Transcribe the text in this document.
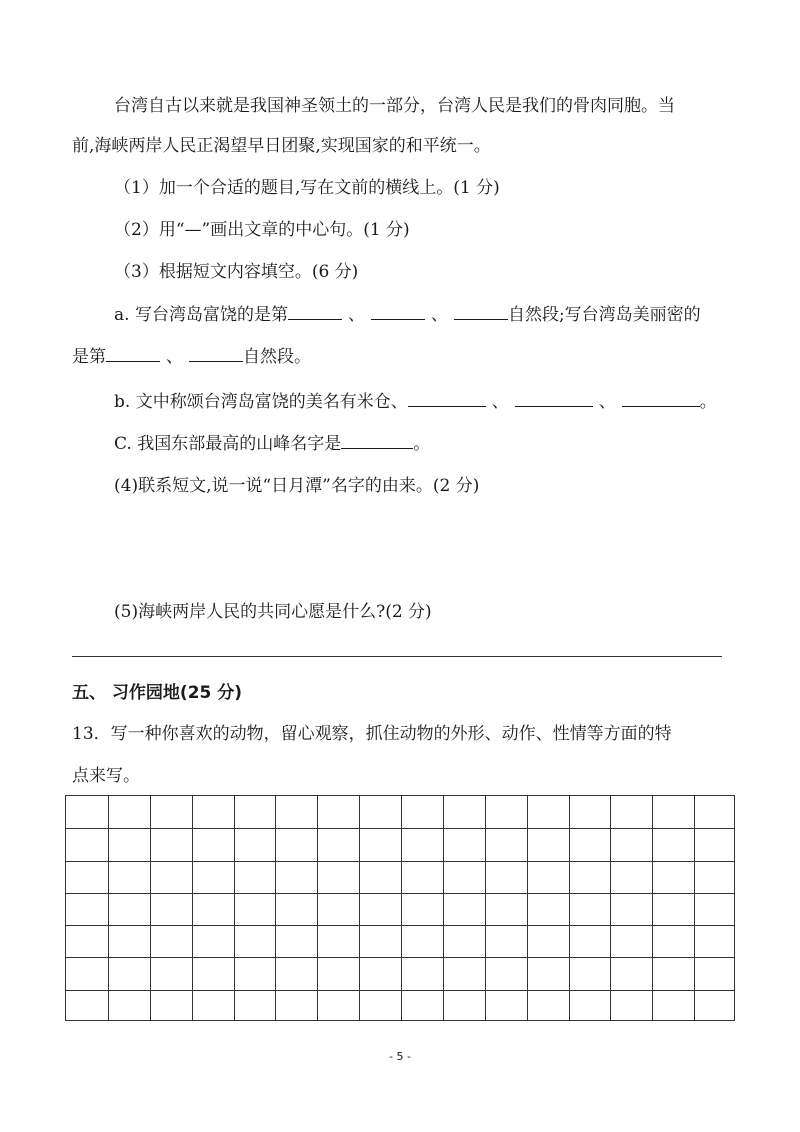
台湾自古以来就是我国神圣领土的一部分，台湾人民是我们的骨肉同胞。当
前,海峡两岸人民正渴望早日团聚,实现国家的和平统一。
（1）加一个合适的题目,写在文前的横线上。(1 分)
（2）用“—”画出文章的中心句。(1 分)
（3）根据短文内容填空。(6 分)
a. 写台湾岛富饶的是第	、	、	自然段;写台湾岛美丽密的
是第	、	自然段。
b. 文中称颂台湾岛富饶的美名有米仓、	、	、	。
C. 我国东部最高的山峰名字是	。
(4)联系短文,说一说“日月潭”名字的由来。(2 分)
(5)海峡两岸人民的共同心愿是什么?(2 分)
五、 习作园地(25 分)
13．写一种你喜欢的动物，留心观察，抓住动物的外形、动作、性情等方面的特
点来写。
- 5 -
